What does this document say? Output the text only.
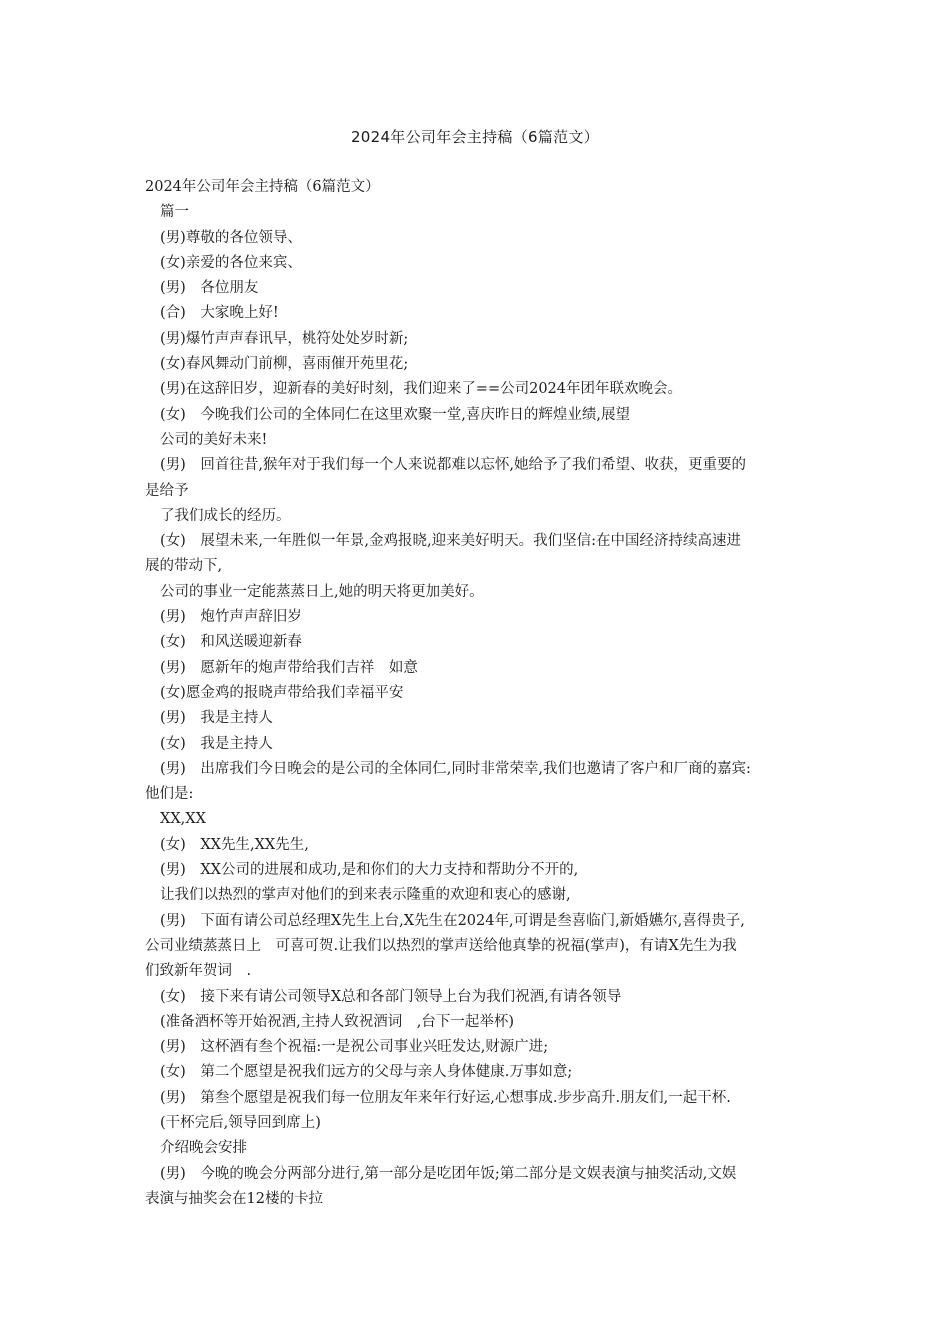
2024年公司年会主持稿（6篇范文）
2024年公司年会主持稿（6篇范文）
篇一
(男)尊敬的各位领导、
(女)亲爱的各位来宾、
(男)　各位朋友
(合)　大家晚上好!
(男)爆竹声声春讯早，桃符处处岁时新;
(女)春风舞动门前柳，喜雨催开苑里花;
(男)在这辞旧岁，迎新春的美好时刻，我们迎来了==公司2024年团年联欢晚会。
(女)　今晚我们公司的全体同仁在这里欢聚一堂,喜庆昨日的辉煌业绩,展望
公司的美好未来!
(男)　回首往昔,猴年对于我们每一个人来说都难以忘怀,她给予了我们希望、收获，更重要的
是给予
了我们成长的经历。
(女)　展望未来,一年胜似一年景,金鸡报晓,迎来美好明天。我们坚信:在中国经济持续高速进
展的带动下,
公司的事业一定能蒸蒸日上,她的明天将更加美好。
(男)　炮竹声声辞旧岁
(女)　和风送暖迎新春
(男)　愿新年的炮声带给我们吉祥　如意
(女)愿金鸡的报晓声带给我们幸福平安
(男)　我是主持人
(女)　我是主持人
(男)　出席我们今日晚会的是公司的全体同仁,同时非常荣幸,我们也邀请了客户和厂商的嘉宾:
他们是:
XX,XX
(女)　XX先生,XX先生,
(男)　XX公司的进展和成功,是和你们的大力支持和帮助分不开的,
让我们以热烈的掌声对他们的到来表示隆重的欢迎和衷心的感谢,
(男)　下面有请公司总经理X先生上台,X先生在2024年,可谓是叁喜临门,新婚嬿尔,喜得贵子,
公司业绩蒸蒸日上　可喜可贺.让我们以热烈的掌声送给他真挚的祝福(掌声)，有请X先生为我
们致新年贺词　.
(女)　接下来有请公司领导X总和各部门领导上台为我们祝酒,有请各领导
(准备酒杯等开始祝酒,主持人致祝酒词　,台下一起举杯)
(男)　这杯酒有叁个祝福:一是祝公司事业兴旺发达,财源广进;
(女)　第二个愿望是祝我们远方的父母与亲人身体健康.万事如意;
(男)　第叁个愿望是祝我们每一位朋友年来年行好运,心想事成.步步高升.朋友们,一起干杯.
(干杯完后,领导回到席上)
介绍晚会安排
(男)　今晚的晚会分两部分进行,第一部分是吃团年饭;第二部分是文娱表演与抽奖活动,文娱
表演与抽奖会在12楼的卡拉
